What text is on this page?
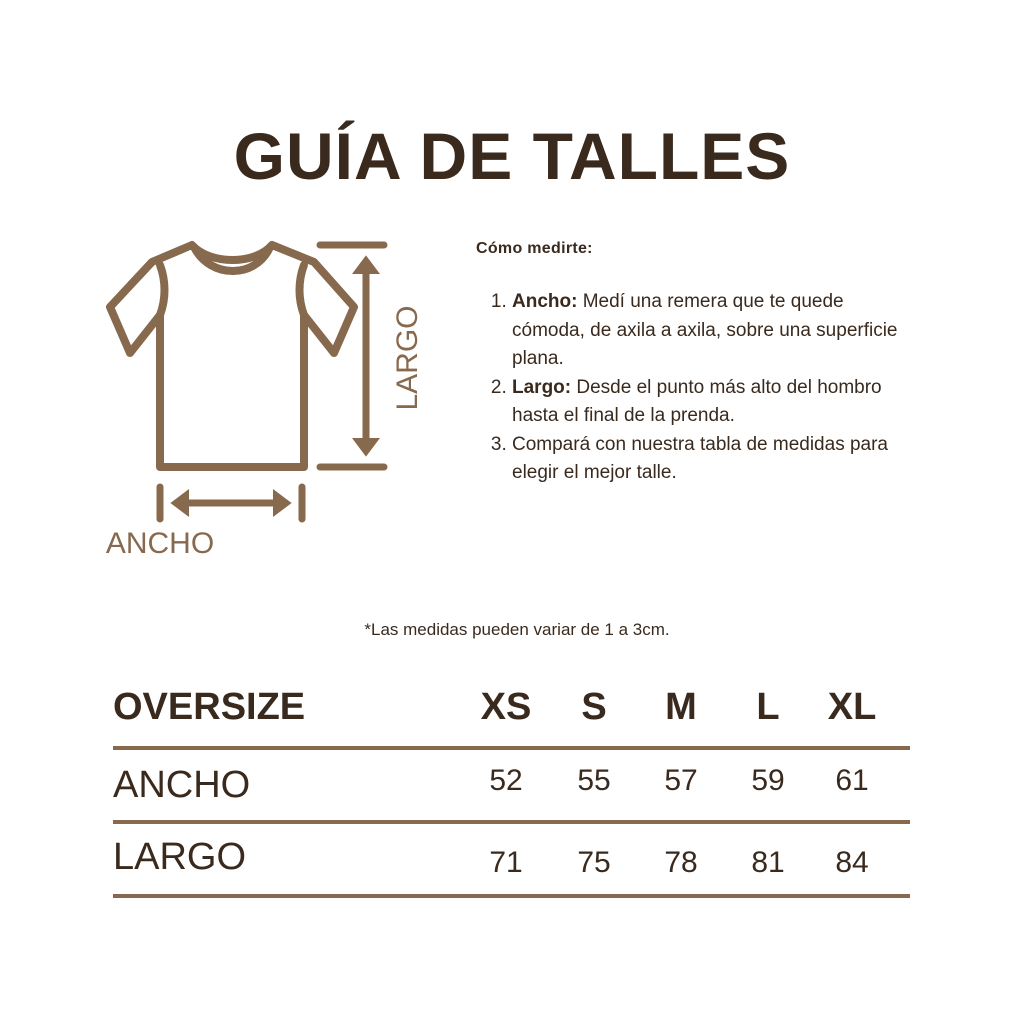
GUÍA DE TALLES
ANCHO
LARGO

Cómo medirte:

1. Ancho: Medí una remera que te quede cómoda, de axila a axila, sobre una superficie plana.
2. Largo: Desde el punto más alto del hombro hasta el final de la prenda.
3. Compará con nuestra tabla de medidas para elegir el mejor talle.
*Las medidas pueden variar de 1 a 3cm.
OVERSIZE	XS	S	M	L	XL
ANCHO	52	55	57	59	61
LARGO	71	75	78	81	84
